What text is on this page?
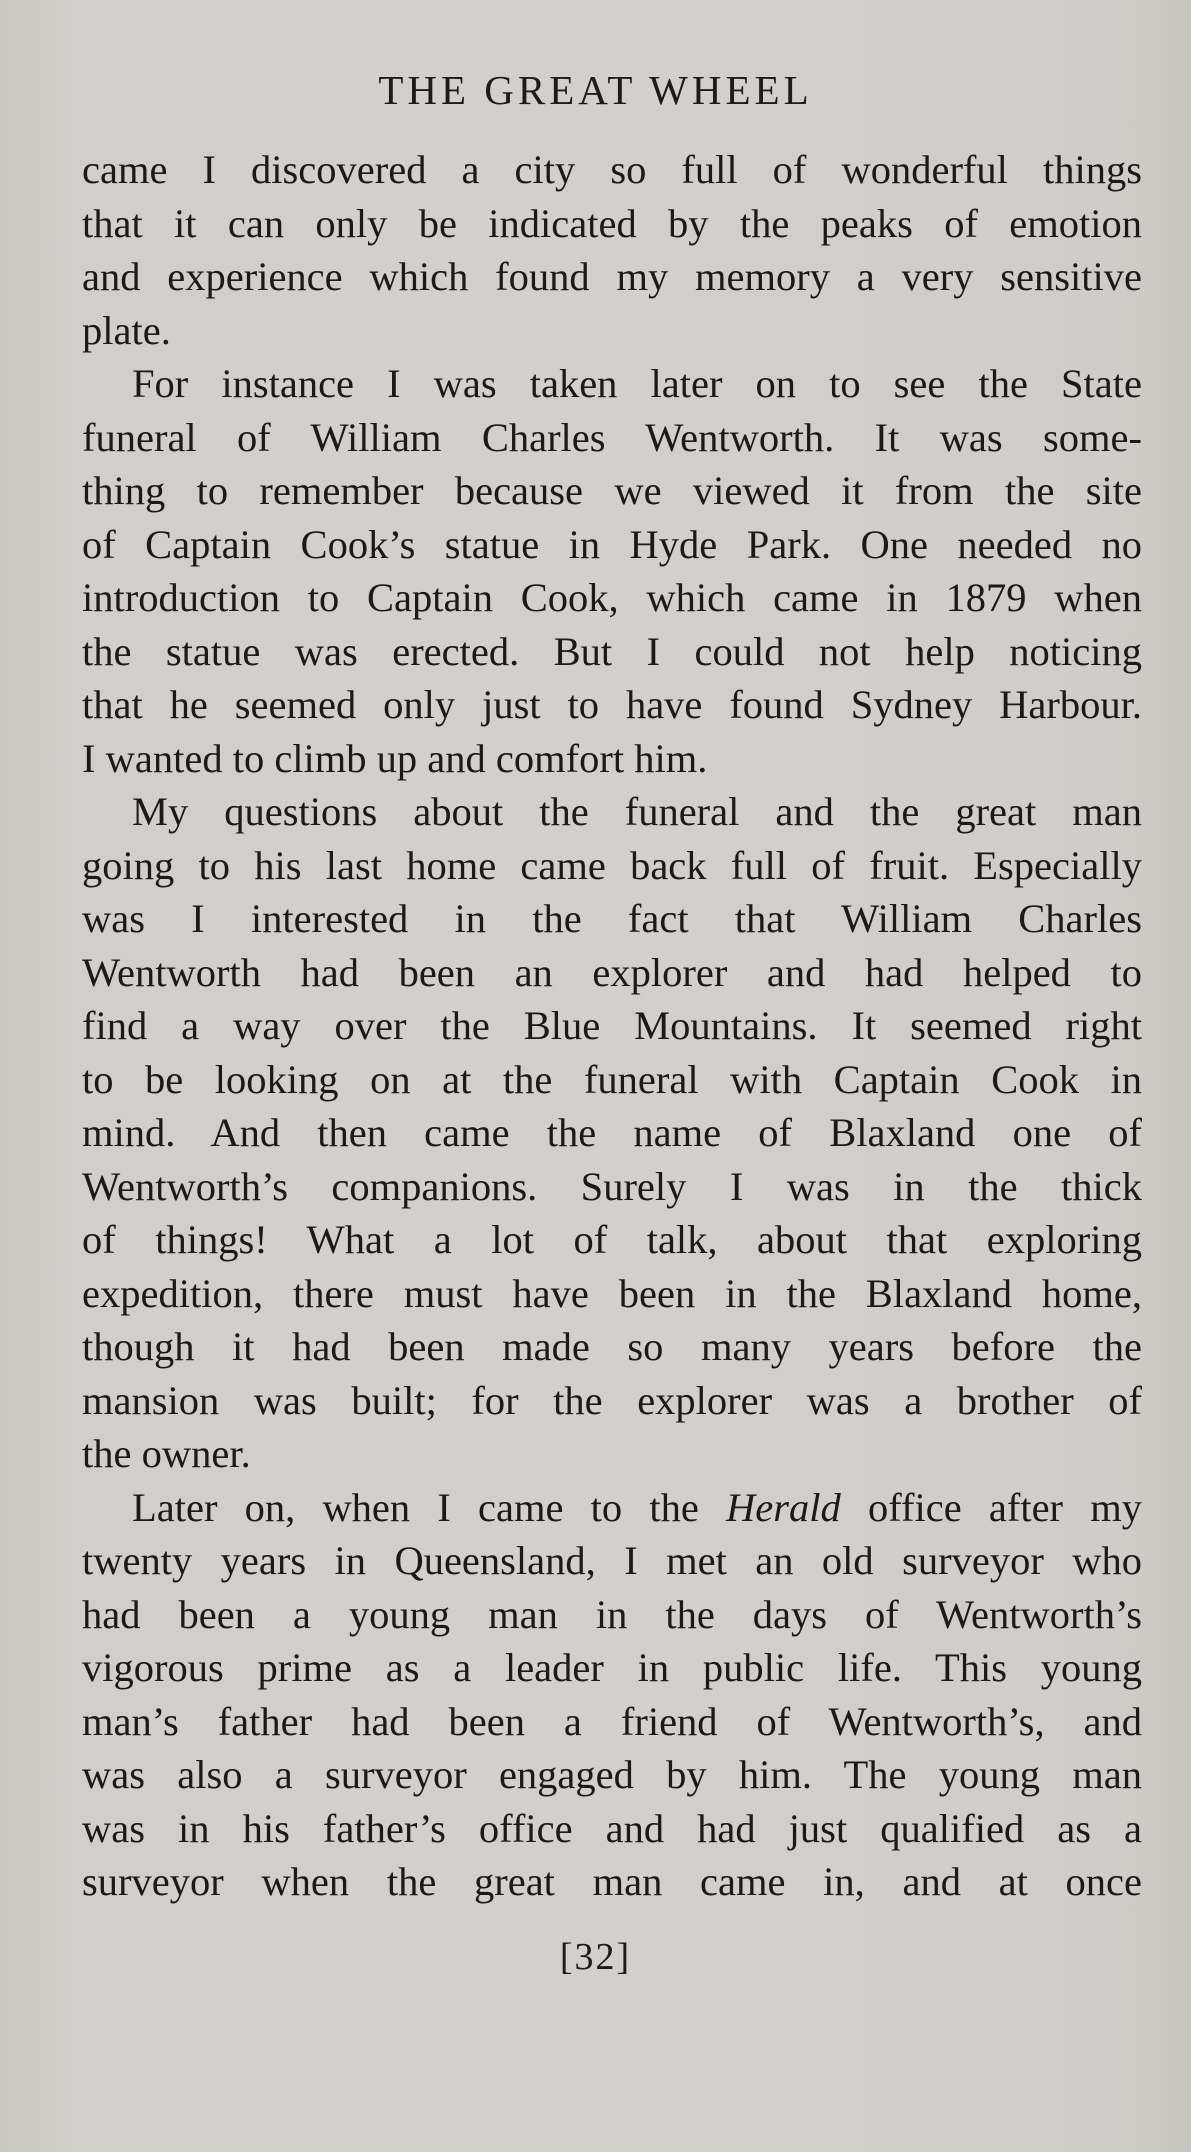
THE GREAT WHEEL
came I discovered a city so full of wonderful things
that it can only be indicated by the peaks of emotion
and experience which found my memory a very sensitive
plate.
For instance I was taken later on to see the State
funeral of William Charles Wentworth. It was some-
thing to remember because we viewed it from the site
of Captain Cook’s statue in Hyde Park. One needed no
introduction to Captain Cook, which came in 1879 when
the statue was erected. But I could not help noticing
that he seemed only just to have found Sydney Harbour.
I wanted to climb up and comfort him.
My questions about the funeral and the great man
going to his last home came back full of fruit. Especially
was I interested in the fact that William Charles
Wentworth had been an explorer and had helped to
find a way over the Blue Mountains. It seemed right
to be looking on at the funeral with Captain Cook in
mind. And then came the name of Blaxland one of
Wentworth’s companions. Surely I was in the thick
of things! What a lot of talk, about that exploring
expedition, there must have been in the Blaxland home,
though it had been made so many years before the
mansion was built; for the explorer was a brother of
the owner.
Later on, when I came to the Herald office after my
twenty years in Queensland, I met an old surveyor who
had been a young man in the days of Wentworth’s
vigorous prime as a leader in public life. This young
man’s father had been a friend of Wentworth’s, and
was also a surveyor engaged by him. The young man
was in his father’s office and had just qualified as a
surveyor when the great man came in, and at once
[32]
